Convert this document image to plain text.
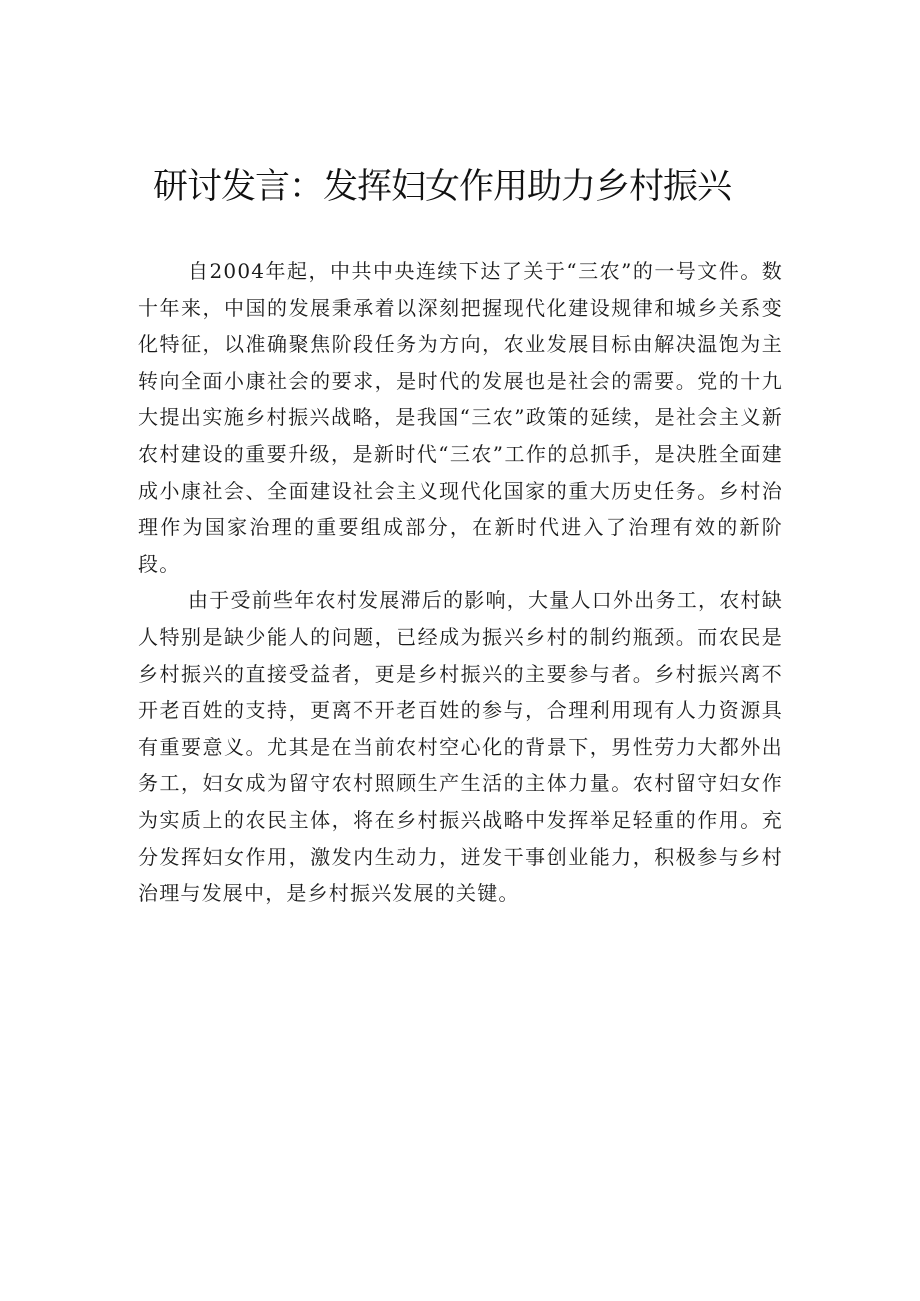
研讨发言：发挥妇女作用助力乡村振兴

自2004年起，中共中央连续下达了关于“三农”的一号文件。数十年来，中国的发展秉承着以深刻把握现代化建设规律和城乡关系变化特征，以准确聚焦阶段任务为方向，农业发展目标由解决温饱为主转向全面小康社会的要求，是时代的发展也是社会的需要。党的十九大提出实施乡村振兴战略，是我国“三农”政策的延续，是社会主义新农村建设的重要升级，是新时代“三农”工作的总抓手，是决胜全面建成小康社会、全面建设社会主义现代化国家的重大历史任务。乡村治理作为国家治理的重要组成部分，在新时代进入了治理有效的新阶段。

由于受前些年农村发展滞后的影响，大量人口外出务工，农村缺人特别是缺少能人的问题，已经成为振兴乡村的制约瓶颈。而农民是乡村振兴的直接受益者，更是乡村振兴的主要参与者。乡村振兴离不开老百姓的支持，更离不开老百姓的参与，合理利用现有人力资源具有重要意义。尤其是在当前农村空心化的背景下，男性劳力大都外出务工，妇女成为留守农村照顾生产生活的主体力量。农村留守妇女作为实质上的农民主体，将在乡村振兴战略中发挥举足轻重的作用。充分发挥妇女作用，激发内生动力，迸发干事创业能力，积极参与乡村治理与发展中，是乡村振兴发展的关键。
